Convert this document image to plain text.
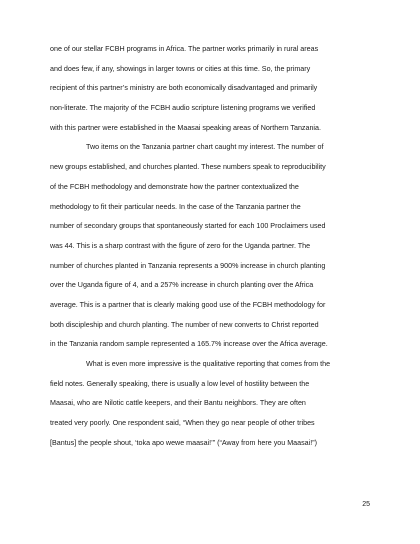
one of our stellar FCBH programs in Africa. The partner works primarily in rural areas
and does few, if any, showings in larger towns or cities at this time. So, the primary
recipient of this partner’s ministry are both economically disadvantaged and primarily
non-literate. The majority of the FCBH audio scripture listening programs we verified
with this partner were established in the Maasai speaking areas of Northern Tanzania.

Two items on the Tanzania partner chart caught my interest. The number of
new groups established, and churches planted. These numbers speak to reproducibility
of the FCBH methodology and demonstrate how the partner contextualized the
methodology to fit their particular needs. In the case of the Tanzania partner the
number of secondary groups that spontaneously started for each 100 Proclaimers used
was 44. This is a sharp contrast with the figure of zero for the Uganda partner. The
number of churches planted in Tanzania represents a 900% increase in church planting
over the Uganda figure of 4, and a 257% increase in church planting over the Africa
average. This is a partner that is clearly making good use of the FCBH methodology for
both discipleship and church planting. The number of new converts to Christ reported
in the Tanzania random sample represented a 165.7% increase over the Africa average.

What is even more impressive is the qualitative reporting that comes from the
field notes. Generally speaking, there is usually a low level of hostility between the
Maasai, who are Nilotic cattle keepers, and their Bantu neighbors. They are often
treated very poorly. One respondent said, “When they go near people of other tribes
[Bantus] the people shout, ‘toka apo wewe maasai!’” (“Away from here you Maasai!”)

25
